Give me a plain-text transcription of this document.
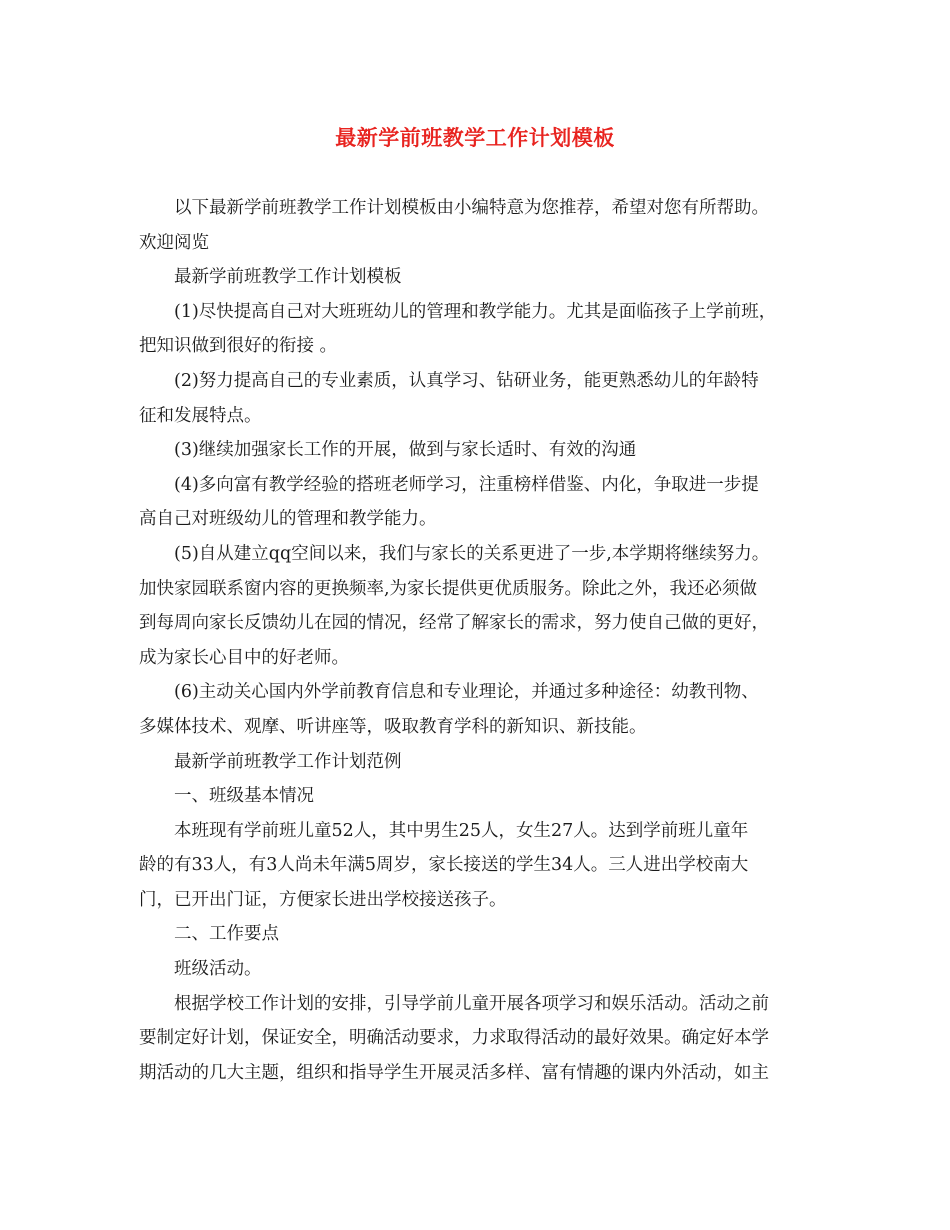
最新学前班教学工作计划模板
以下最新学前班教学工作计划模板由小编特意为您推荐，希望对您有所帮助。
欢迎阅览
最新学前班教学工作计划模板
(1)尽快提高自己对大班班幼儿的管理和教学能力。尤其是面临孩子上学前班，
把知识做到很好的衔接 。
(2)努力提高自己的专业素质，认真学习、钻研业务，能更熟悉幼儿的年龄特
征和发展特点。
(3)继续加强家长工作的开展，做到与家长适时、有效的沟通
(4)多向富有教学经验的搭班老师学习，注重榜样借鉴、内化，争取进一步提
高自己对班级幼儿的管理和教学能力。
(5)自从建立qq空间以来，我们与家长的关系更进了一步,本学期将继续努力。
加快家园联系窗内容的更换频率,为家长提供更优质服务。除此之外，我还必须做
到每周向家长反馈幼儿在园的情况，经常了解家长的需求，努力使自己做的更好，
成为家长心目中的好老师。
(6)主动关心国内外学前教育信息和专业理论，并通过多种途径：幼教刊物、
多媒体技术、观摩、听讲座等，吸取教育学科的新知识、新技能。
最新学前班教学工作计划范例
一、班级基本情况
本班现有学前班儿童52人，其中男生25人，女生27人。达到学前班儿童年
龄的有33人，有3人尚未年满5周岁，家长接送的学生34人。三人进出学校南大
门，已开出门证，方便家长进出学校接送孩子。
二、工作要点
班级活动。
根据学校工作计划的安排，引导学前儿童开展各项学习和娱乐活动。活动之前
要制定好计划，保证安全，明确活动要求，力求取得活动的最好效果。确定好本学
期活动的几大主题，组织和指导学生开展灵活多样、富有情趣的课内外活动，如主
